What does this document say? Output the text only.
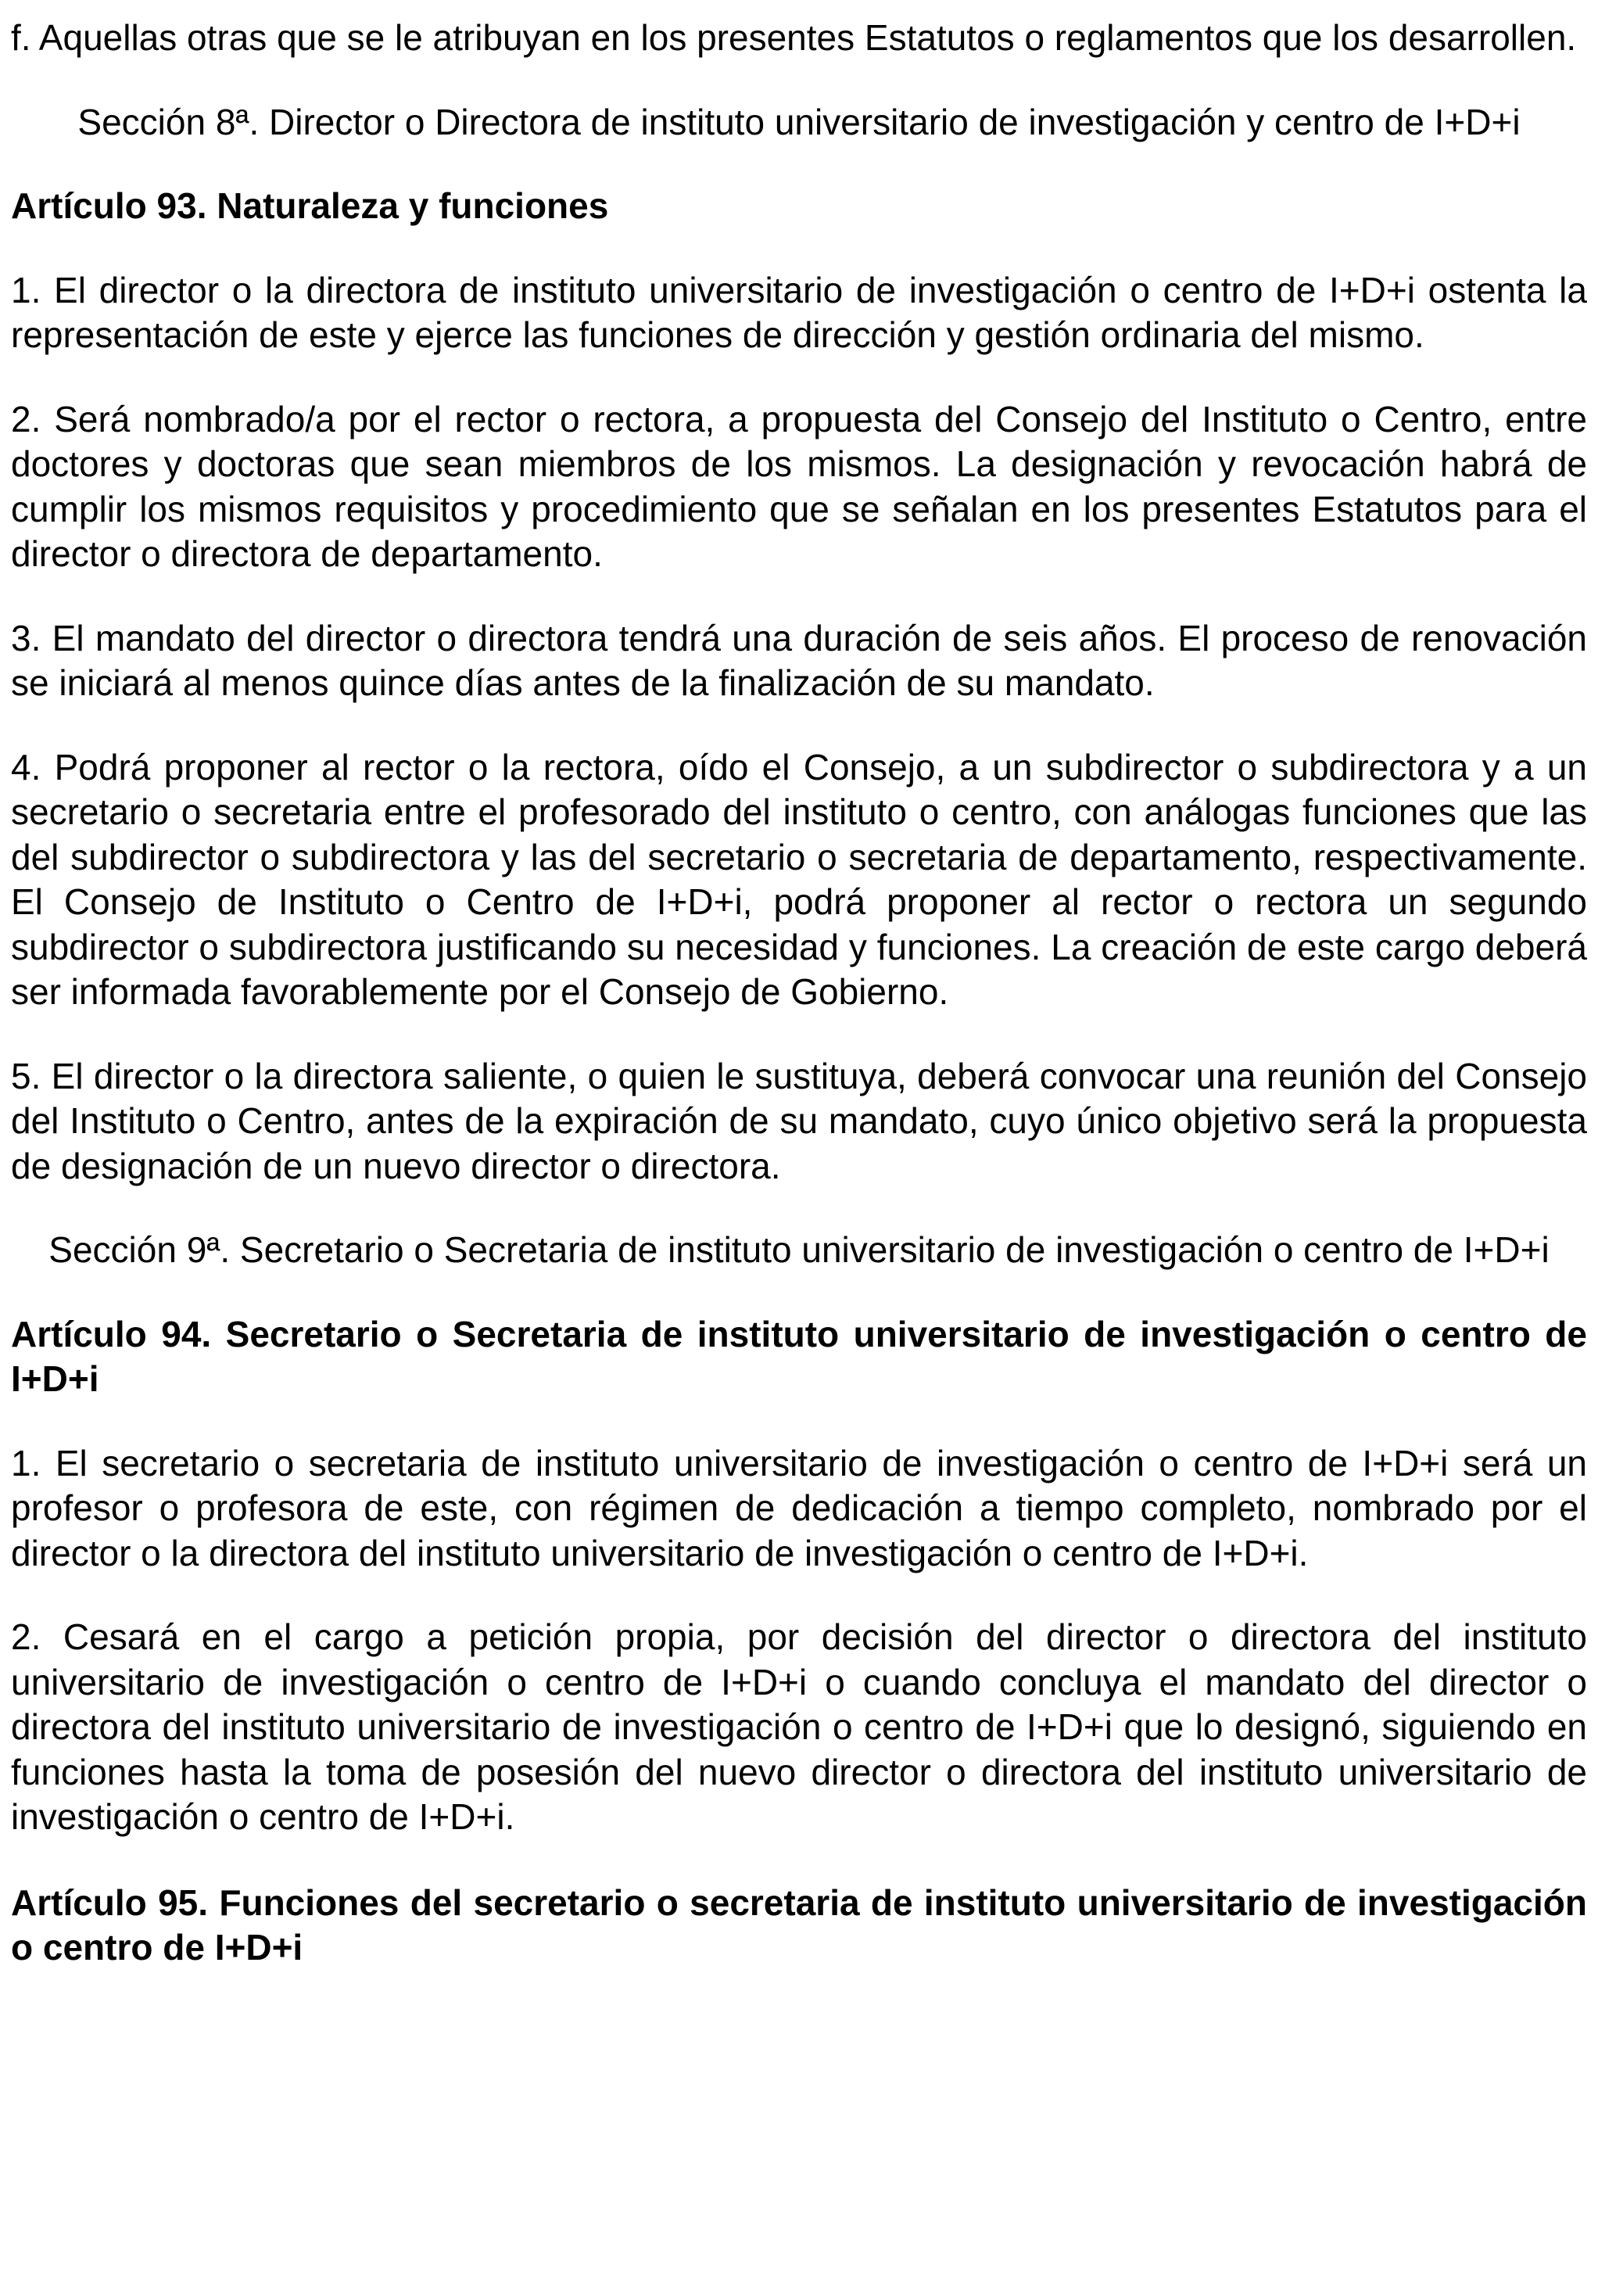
f. Aquellas otras que se le atribuyan en los presentes Estatutos o reglamentos que los desarrollen.

Sección 8ª. Director o Directora de instituto universitario de investigación y centro de I+D+i

Artículo 93. Naturaleza y funciones

1. El director o la directora de instituto universitario de investigación o centro de I+D+i ostenta la representación de este y ejerce las funciones de dirección y gestión ordinaria del mismo.

2. Será nombrado/a por el rector o rectora, a propuesta del Consejo del Instituto o Centro, entre doctores y doctoras que sean miembros de los mismos. La designación y revocación habrá de cumplir los mismos requisitos y procedimiento que se señalan en los presentes Estatutos para el director o directora de departamento.

3. El mandato del director o directora tendrá una duración de seis años. El proceso de renovación se iniciará al menos quince días antes de la finalización de su mandato.

4. Podrá proponer al rector o la rectora, oído el Consejo, a un subdirector o subdirectora y a un secretario o secretaria entre el profesorado del instituto o centro, con análogas funciones que las del subdirector o subdirectora y las del secretario o secretaria de departamento, respectivamente. El Consejo de Instituto o Centro de I+D+i, podrá proponer al rector o rectora un segundo subdirector o subdirectora justificando su necesidad y funciones. La creación de este cargo deberá ser informada favorablemente por el Consejo de Gobierno.

5. El director o la directora saliente, o quien le sustituya, deberá convocar una reunión del Consejo del Instituto o Centro, antes de la expiración de su mandato, cuyo único objetivo será la propuesta de designación de un nuevo director o directora.

Sección 9ª. Secretario o Secretaria de instituto universitario de investigación o centro de I+D+i

Artículo 94. Secretario o Secretaria de instituto universitario de investigación o centro de I+D+i

1. El secretario o secretaria de instituto universitario de investigación o centro de I+D+i será un profesor o profesora de este, con régimen de dedicación a tiempo completo, nombrado por el director o la directora del instituto universitario de investigación o centro de I+D+i.

2. Cesará en el cargo a petición propia, por decisión del director o directora del instituto universitario de investigación o centro de I+D+i o cuando concluya el mandato del director o directora del instituto universitario de investigación o centro de I+D+i que lo designó, siguiendo en funciones hasta la toma de posesión del nuevo director o directora del instituto universitario de investigación o centro de I+D+i.

Artículo 95. Funciones del secretario o secretaria de instituto universitario de investigación o centro de I+D+i
